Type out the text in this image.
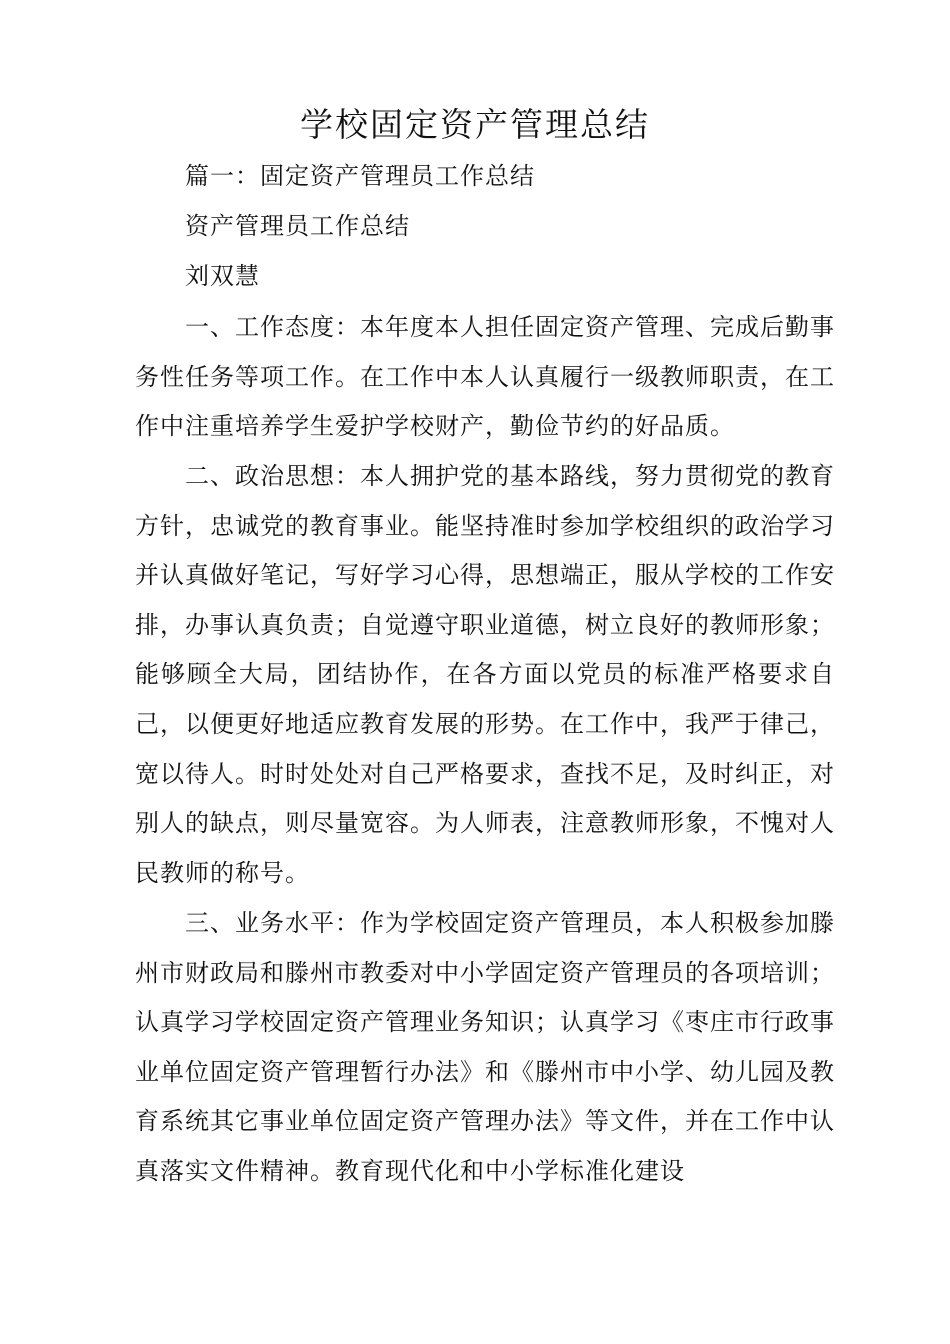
学校固定资产管理总结
篇一：固定资产管理员工作总结
资产管理员工作总结
刘双慧

一、工作态度：本年度本人担任固定资产管理、完成后勤事务性任务等项工作。在工作中本人认真履行一级教师职责，在工作中注重培养学生爱护学校财产，勤俭节约的好品质。

二、政治思想：本人拥护党的基本路线，努力贯彻党的教育方针，忠诚党的教育事业。能坚持准时参加学校组织的政治学习并认真做好笔记，写好学习心得，思想端正，服从学校的工作安排，办事认真负责；自觉遵守职业道德，树立良好的教师形象；能够顾全大局，团结协作，在各方面以党员的标准严格要求自己，以便更好地适应教育发展的形势。在工作中，我严于律己，宽以待人。时时处处对自己严格要求，查找不足，及时纠正，对别人的缺点，则尽量宽容。为人师表，注意教师形象，不愧对人民教师的称号。

三、业务水平：作为学校固定资产管理员，本人积极参加滕州市财政局和滕州市教委对中小学固定资产管理员的各项培训；认真学习学校固定资产管理业务知识；认真学习《枣庄市行政事业单位固定资产管理暂行办法》和《滕州市中小学、幼儿园及教育系统其它事业单位固定资产管理办法》等文件，并在工作中认真落实文件精神。教育现代化和中小学标准化建设
